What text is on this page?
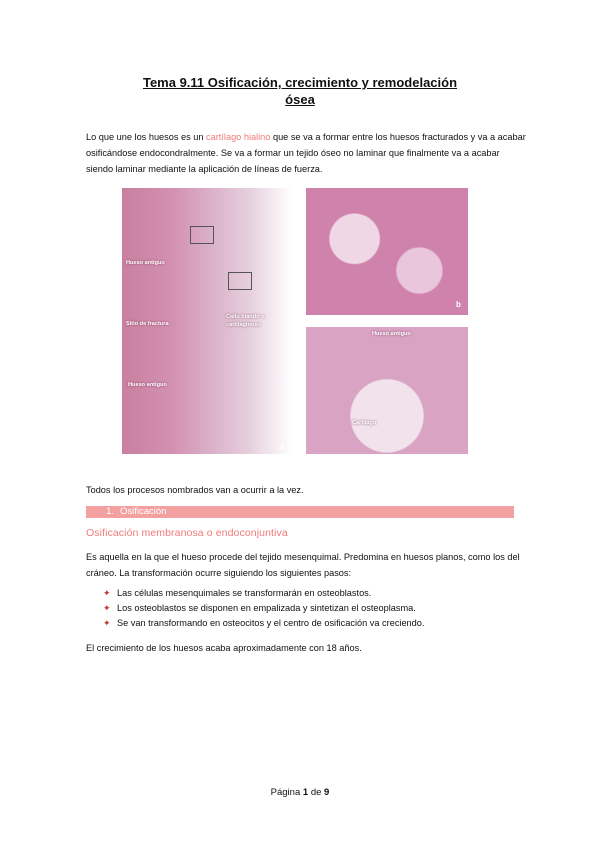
Tema 9.11 Osificación, crecimiento y remodelación
ósea

Lo que une los huesos es un cartílago hialino que se va a formar entre los huesos fracturados y va a acabar osificándose endocondralmente. Se va a formar un tejido óseo no laminar que finalmente va a acabar siendo laminar mediante la aplicación de líneas de fuerza.

Hueso antiguo
Sitio de fractura
Callo blando o cartilaginoso
Hueso antiguo
a
b
Hueso antiguo
Cartílago

Todos los procesos nombrados van a ocurrir a la vez.

1. Osificación
Osificación membranosa o endoconjuntiva

Es aquella en la que el hueso procede del tejido mesenquimal. Predomina en huesos planos, como los del cráneo. La transformación ocurre siguiendo los siguientes pasos:

✦ Las células mesenquimales se transformarán en osteoblastos.
✦ Los osteoblastos se disponen en empalizada y sintetizan el osteoplasma.
✦ Se van transformando en osteocitos y el centro de osificación va creciendo.

El crecimiento de los huesos acaba aproximadamente con 18 años.

Página 1 de 9
